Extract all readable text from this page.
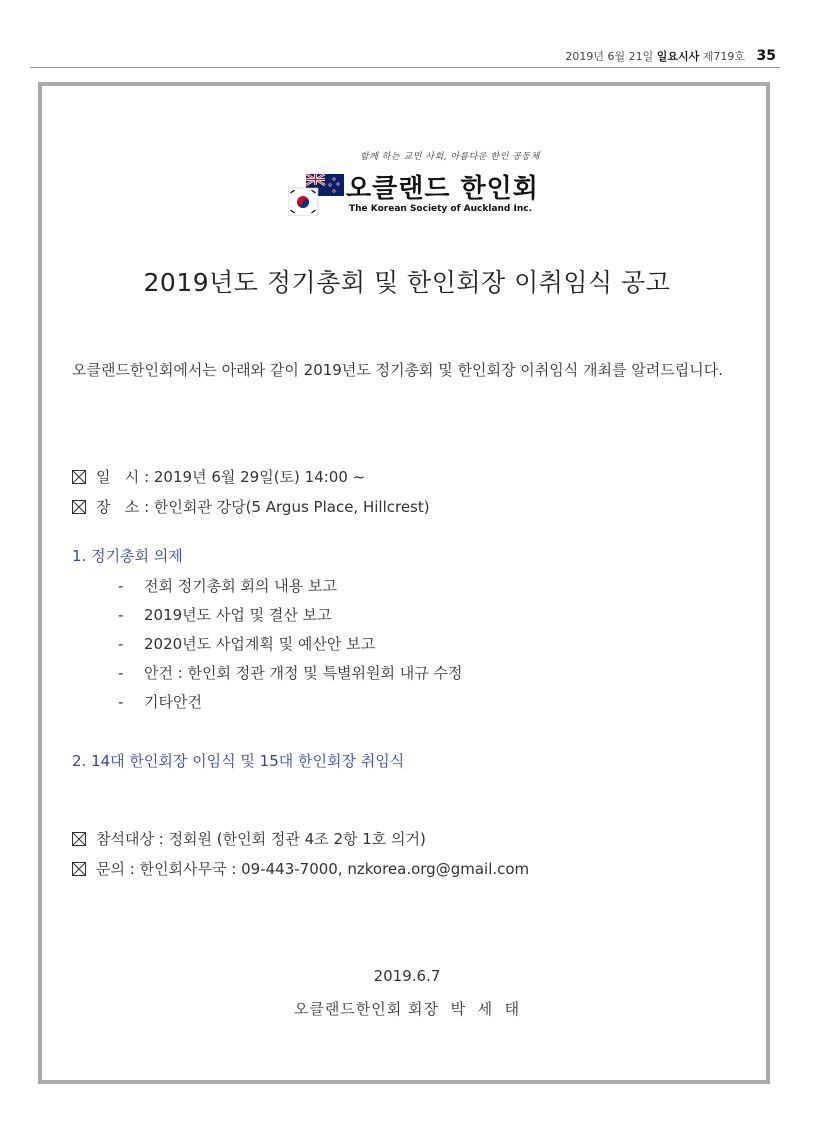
2019년 6월 21일 일요시사 제719호 35
함께 하는 교민 사회, 아름다운 한인 공동체
오클랜드 한인회
The Korean Society of Auckland Inc.
2019년도 정기총회 및 한인회장 이취임식 공고
오클랜드한인회에서는 아래와 같이 2019년도 정기총회 및 한인회장 이취임식 개최를 알려드립니다.
일   시 : 2019년 6월 29일(토) 14:00 ~
장   소 : 한인회관 강당(5 Argus Place, Hillcrest)
1. 정기총회 의제
- 전회 정기총회 회의 내용 보고
- 2019년도 사업 및 결산 보고
- 2020년도 사업계획 및 예산안 보고
- 안건 : 한인회 정관 개정 및 특별위원회 내규 수정
- 기타안건
2. 14대 한인회장 이임식 및 15대 한인회장 취임식
참석대상 : 정회원 (한인회 정관 4조 2항 1호 의거)
문의 : 한인회사무국 : 09-443-7000, nzkorea.org@gmail.com
2019.6.7
오클랜드한인회 회장  박  세  태
